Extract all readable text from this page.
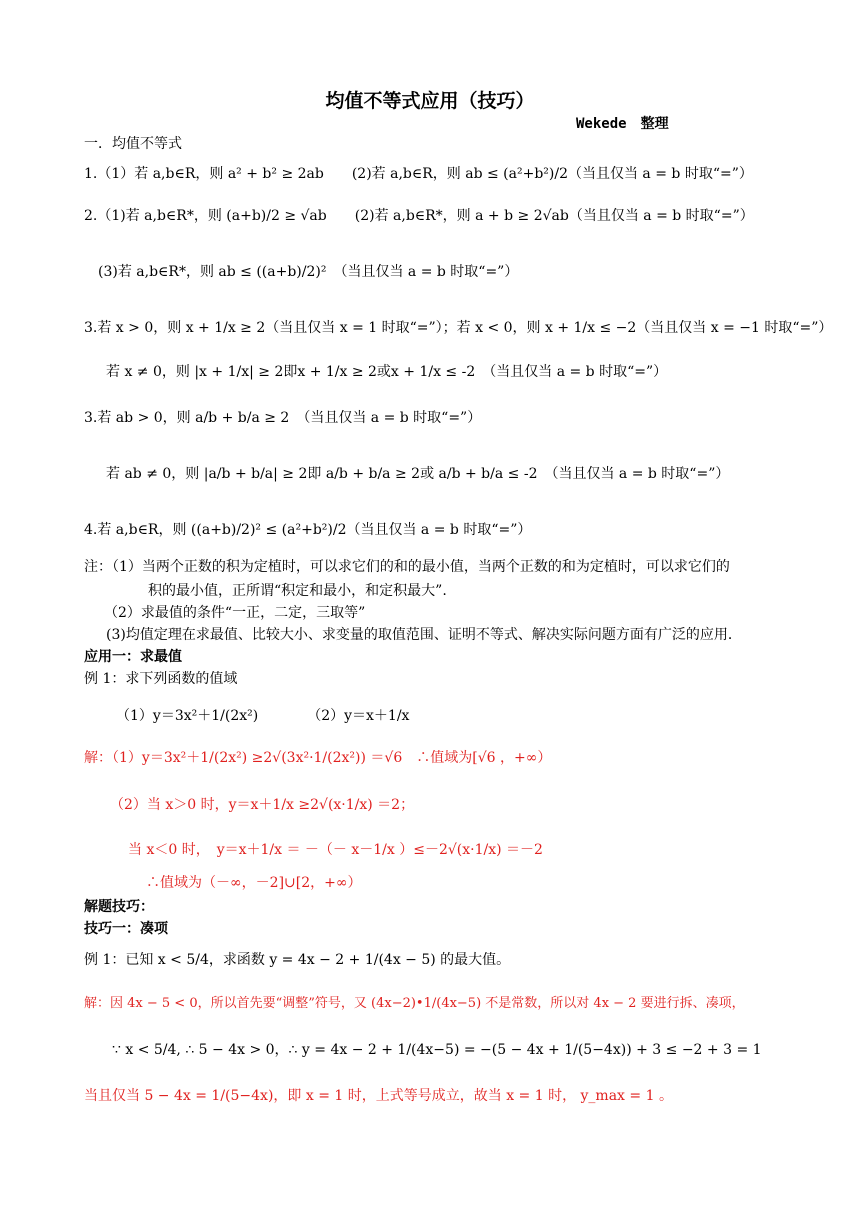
均值不等式应用（技巧）
Wekede　整理
一．均值不等式
1.（1）若 a,b∈R，则 a² + b² ≥ 2ab　　(2)若 a,b∈R，则 ab ≤ (a²+b²)/2（当且仅当 a = b 时取“=”）
2.（1)若 a,b∈R*，则 (a+b)/2 ≥ √ab　　(2)若 a,b∈R*，则 a + b ≥ 2√ab（当且仅当 a = b 时取“=”）
(3)若 a,b∈R*，则 ab ≤ ((a+b)/2)²　（当且仅当 a = b 时取“=”）
3.若 x > 0，则 x + 1/x ≥ 2（当且仅当 x = 1 时取“=”）；若 x < 0，则 x + 1/x ≤ −2（当且仅当 x = −1 时取“=”）
若 x ≠ 0，则 |x + 1/x| ≥ 2即x + 1/x ≥ 2或x + 1/x ≤ -2　（当且仅当 a = b 时取“=”）
3.若 ab > 0，则 a/b + b/a ≥ 2　（当且仅当 a = b 时取“=”）
若 ab ≠ 0，则 |a/b + b/a| ≥ 2即 a/b + b/a ≥ 2或 a/b + b/a ≤ -2　（当且仅当 a = b 时取“=”）
4.若 a,b∈R，则 ((a+b)/2)² ≤ (a²+b²)/2（当且仅当 a = b 时取“=”）
注：（1）当两个正数的积为定植时，可以求它们的和的最小值，当两个正数的和为定植时，可以求它们的
积的最小值，正所谓“积定和最小，和定积最大”.
（2）求最值的条件“一正，二定，三取等”
(3)均值定理在求最值、比较大小、求变量的取值范围、证明不等式、解决实际问题方面有广泛的应用．
应用一：求最值
例 1：求下列函数的值域
（1）y＝3x²＋1/(2x²)　　　　（2）y＝x＋1/x
解：（1）y＝3x²＋1/(2x²) ≥2√(3x²·1/(2x²)) ＝√6　∴值域为[√6 ，+∞）
（2）当 x＞0 时，y＝x＋1/x ≥2√(x·1/x) ＝2；
当 x＜0 时，　y＝x＋1/x ＝ －（－ x－1/x ）≤－2√(x·1/x) ＝－2
∴值域为（－∞，－2]∪[2，+∞）
解题技巧：
技巧一：凑项
例 1：已知 x < 5/4，求函数 y = 4x − 2 + 1/(4x − 5) 的最大值。
解：因 4x − 5 < 0，所以首先要“调整”符号，又 (4x−2)•1/(4x−5) 不是常数，所以对 4x − 2 要进行拆、凑项，
∵ x < 5/4, ∴ 5 − 4x > 0，∴ y = 4x − 2 + 1/(4x−5) = −(5 − 4x + 1/(5−4x)) + 3 ≤ −2 + 3 = 1
当且仅当 5 − 4x = 1/(5−4x)，即 x = 1 时，上式等号成立，故当 x = 1 时， y_max = 1 。
